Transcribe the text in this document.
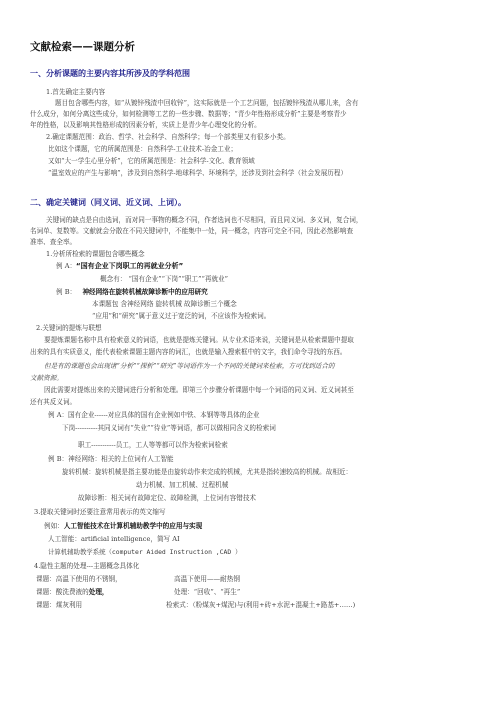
文献检索——课题分析
一、分析课题的主要内容其所涉及的学科范围
1.首先确定主要内容
题目包含哪些内容，如“从镀锌残渣中回收锌”，这实际就是一个工艺问题，包括镀锌残渣从哪儿来，含有
什么成分，如何分离这些成分，如何检测等工艺的一些步骤、数据等；“青少年性格形成分析”主要是考察青少
年的性格，以及影响其性格形成的因素分析，实质上是青少年心理变化的分析。
2.确定课题范围：政治、哲学、社会科学、自然科学；每一个部类里又有很多小类。
比如这个课题，它的所属范围是：自然科学-工业技术-冶金工业；
又如“大一学生心里分析”，它的所属范围是：社会科学-文化、教育领域
“温室效应的产生与影响”，涉及到自然科学-地球科学、环境科学，还涉及到社会科学（社会发展历程）
二、确定关键词（同义词、近义词、上词）。
关键词的缺点是自由选词，而对同一事物的概念不同，作者选词也不尽相同，而且同义词、多义词，复合词，
名词单、复数等。文献就会分散在不同关键词中，不能集中一处，同一概念，内容可完全不同，因此必然影响查
准率、查全率。
1.分析所检索的课题包含哪些概念
例 A：“国有企业下岗职工的再就业分析”
概念有： “国有企业”“下岗”“职工”“再就业”
例 B： 神经网络在旋转机械故障诊断中的应用研究
本课题包 含神经网络 旋转机械 故障诊断三个概念
“应用”和“研究”属于意义过于宽泛的词，不应该作为检索词。
2.关键词的提炼与联想
要提炼课题名称中具有检索意义的词语，也就是提炼关键词。从专业术语来说，关键词是从检索课题中提取
出来的具有实质意义，能代表检索课题主题内容的词汇，也就是输入搜索框中的文字，我们命令寻找的东西。
但是有的课题也会出现诸“分析”“探析”“研究”等词语作为一个不同的关键词来检索，方可找到适合的
文献资源。
因此需要对提炼出来的关键词进行分析和处理。即第三个步骤分析课题中每一个词语的同义词、近义词甚至
还有其反义词。
例 A：国有企业------对应具体的国有企业例如中铁、本钢等等具体的企业
下岗----------其同义词有“失业”“待业”等词语，都可以做相同含义的检索词
职工-----------员工，工人等等都可以作为检索词检索
例 B：神经网络：相关的上位词有人工智能
旋转机械：旋转机械是指主要功能是由旋转动作来完成的机械，尤其是指转速较高的机械。故相近：
动力机械、加工机械、过程机械
故障诊断：相关词有故障定位、故障检测，上位词有容错技术
3.提取关键词时还要注意常用表示的英文缩写
例如：人工智能技术在计算机辅助教学中的应用与实现
人工智能：artificial intelligence，简写 AI
计算机辅助教学系统（computer Aided Instruction ,CAD ）
4.隐性主题的处理---主题概念具体化
课题：高温下使用的不锈钢，	高温下使用——耐热钢
课题：酸洗费液的处理，	处理：“回收”、“再生”
课题：煤灰利用	检索式：（粉煤灰+煤泥)与(利用+砖+水泥+混凝土+路基+……)
